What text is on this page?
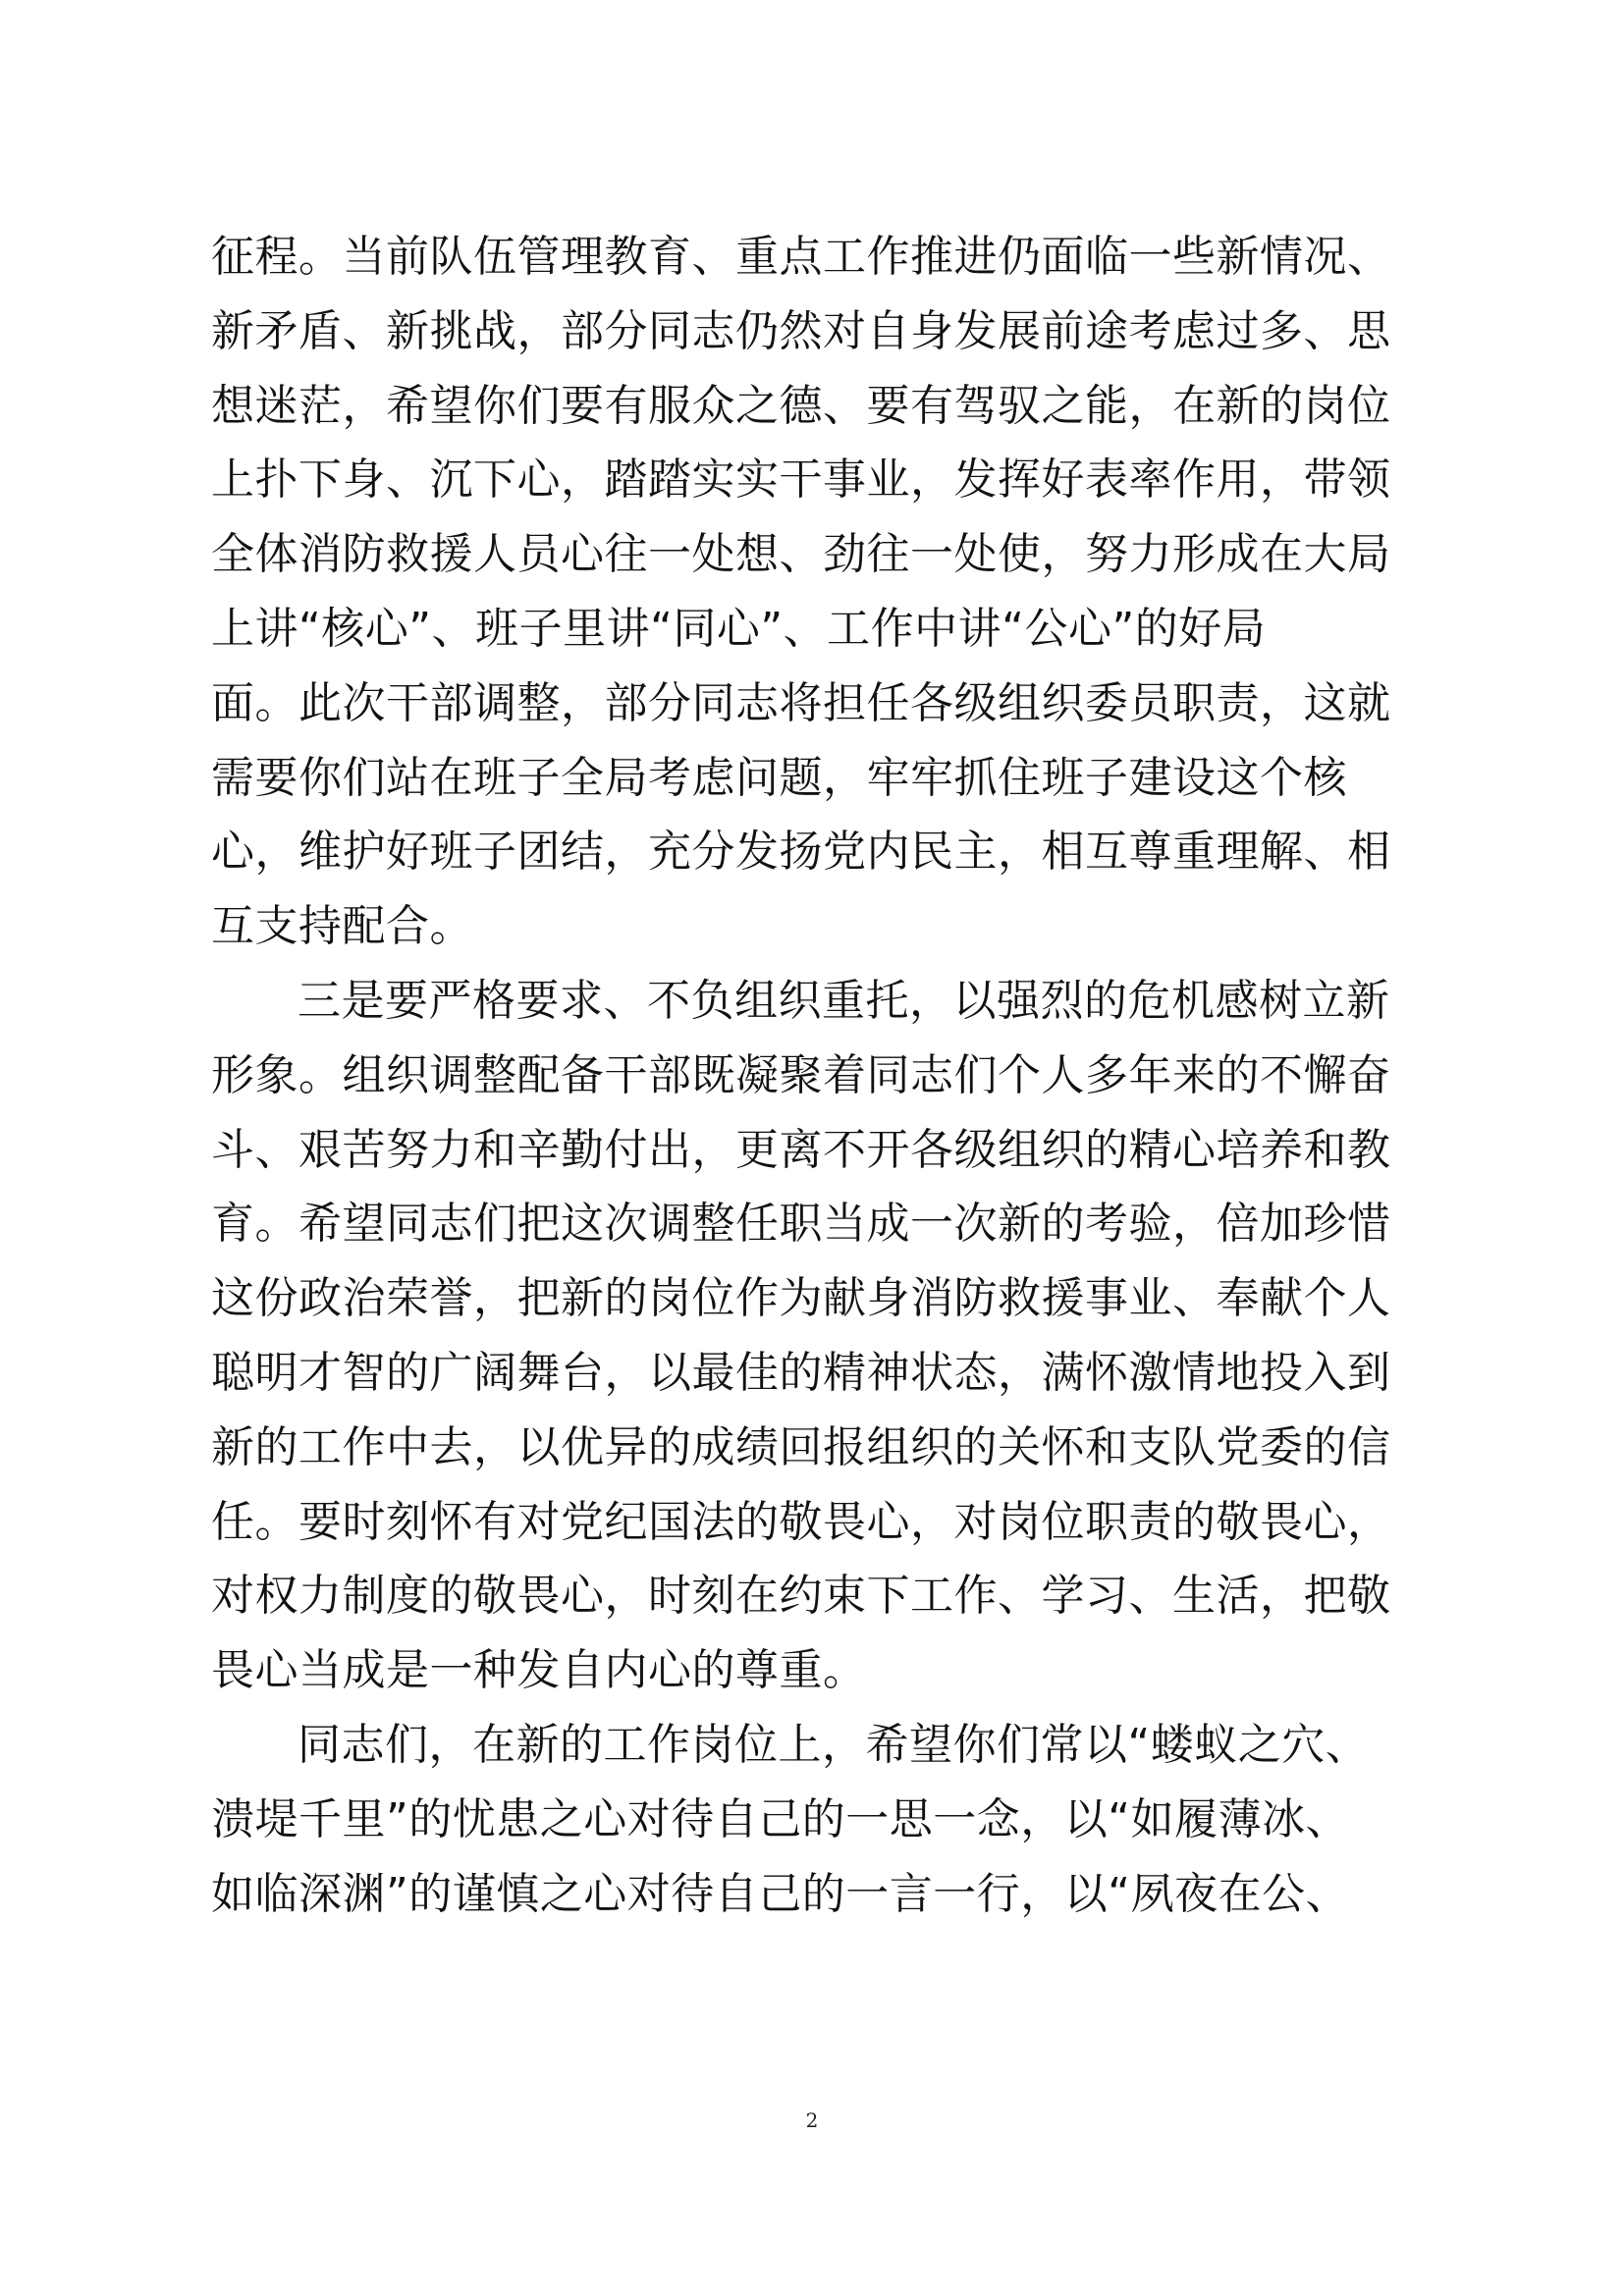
征程。当前队伍管理教育、重点工作推进仍面临一些新情况、
新矛盾、新挑战，部分同志仍然对自身发展前途考虑过多、思
想迷茫，希望你们要有服众之德、要有驾驭之能，在新的岗位
上扑下身、沉下心，踏踏实实干事业，发挥好表率作用，带领
全体消防救援人员心往一处想、劲往一处使，努力形成在大局
上讲“核心”、班子里讲“同心”、工作中讲“公心”的好局
面。此次干部调整，部分同志将担任各级组织委员职责，这就
需要你们站在班子全局考虑问题，牢牢抓住班子建设这个核
心，维护好班子团结，充分发扬党内民主，相互尊重理解、相
互支持配合。
三是要严格要求、不负组织重托，以强烈的危机感树立新
形象。组织调整配备干部既凝聚着同志们个人多年来的不懈奋
斗、艰苦努力和辛勤付出，更离不开各级组织的精心培养和教
育。希望同志们把这次调整任职当成一次新的考验，倍加珍惜
这份政治荣誉，把新的岗位作为献身消防救援事业、奉献个人
聪明才智的广阔舞台，以最佳的精神状态，满怀激情地投入到
新的工作中去，以优异的成绩回报组织的关怀和支队党委的信
任。要时刻怀有对党纪国法的敬畏心，对岗位职责的敬畏心，
对权力制度的敬畏心，时刻在约束下工作、学习、生活，把敬
畏心当成是一种发自内心的尊重。
同志们，在新的工作岗位上，希望你们常以“蝼蚁之穴、
溃堤千里”的忧患之心对待自己的一思一念，以“如履薄冰、
如临深渊”的谨慎之心对待自己的一言一行，以“夙夜在公、
2
